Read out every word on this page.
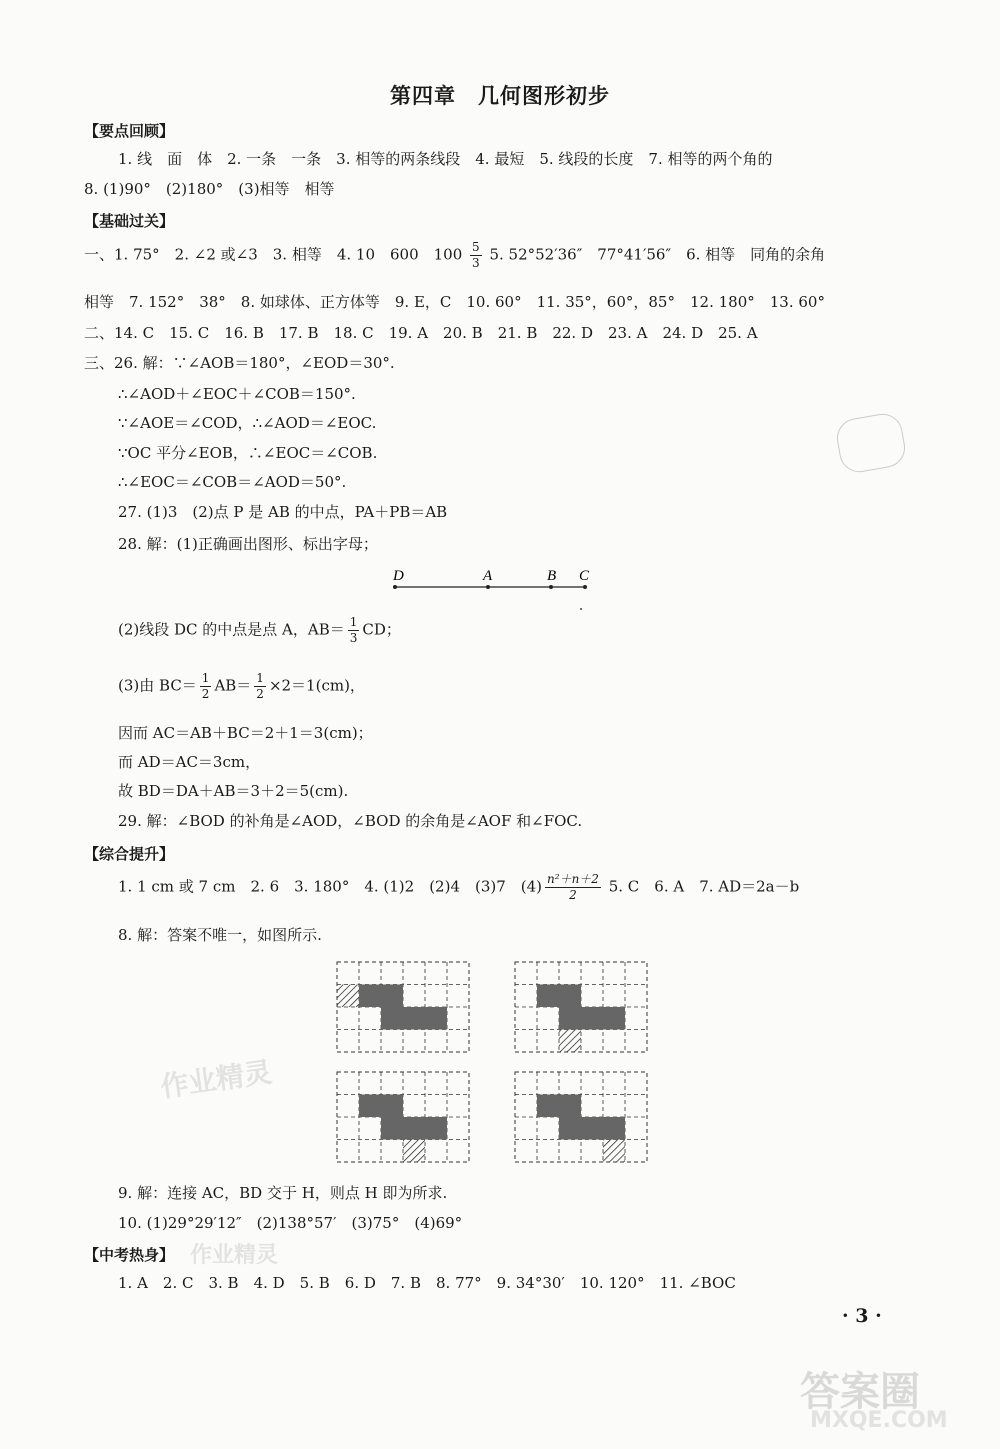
第四章　几何图形初步
【要点回顾】
1. 线　面　体　2. 一条　一条　3. 相等的两条线段　4. 最短　5. 线段的长度　7. 相等的两个角的
8. (1)90°　(2)180°　(3)相等　相等
【基础过关】
一、1. 75°　2. ∠2 或∠3　3. 相等　4. 10　600　$100 \frac{5}{3} 5$. 52°52′36″　77°41′56″　6. 相等　同角的余角
相等　7. 152°　38°　8. 如球体、正方体等　9. E，C　10. 60°　11. 35°，60°，85°　12. 180°　13. 60°
二、14. C　15. C　16. B　17. B　18. C　19. A　20. B　21. B　22. D　23. A　24. D　25. A
三、26. 解：∵∠AOB＝180°，∠EOD＝30°.
∴∠AOD＋∠EOC＋∠COB＝150°.
∵∠AOE＝∠COD，∴∠AOD＝∠EOC.
∵OC 平分∠EOB，∴∠EOC＝∠COB.
∴∠EOC＝∠COB＝∠AOD＝50°.
27. (1)3　(2)点 P 是 AB 的中点，PA＋PB＝AB
28. 解：(1)正确画出图形、标出字母；
D	A	B C
(2)线段 DC 的中点是点 A，$AB= \frac{1}{3}$ CD；
(3)由 $BC= \frac{1}{2} AB= \frac{1}{2} \times 2=1(cm)$，
因而 AC＝AB＋BC＝2＋1＝3(cm)；
而 AD＝AC＝3cm，
故 BD＝DA＋AB＝3＋2＝5(cm).
29. 解：∠BOD 的补角是∠AOD，∠BOD 的余角是∠AOF 和∠FOC.
【综合提升】
1. 1 cm 或 7 cm　2. 6　3. 180°　4. (1)2　(2)4　(3)7　$(4) \frac{\text{n²＋n＋2}}{2} 5$. C　6. A　7. AD＝2a－b
8. 解：答案不唯一，如图所示.
作业精灵
9. 解：连接 AC，BD 交于 H，则点 H 即为所求.
10. (1)29°29′12″　(2)138°57′　(3)75°　(4)69°
【中考热身】 作业精灵
1. A　2. C　3. B　4. D　5. B　6. D　7. B　8. 77°　9. 34°30′　10. 120°　11. ∠BOC
· 3 ·
答案圈
MXQE.COM
